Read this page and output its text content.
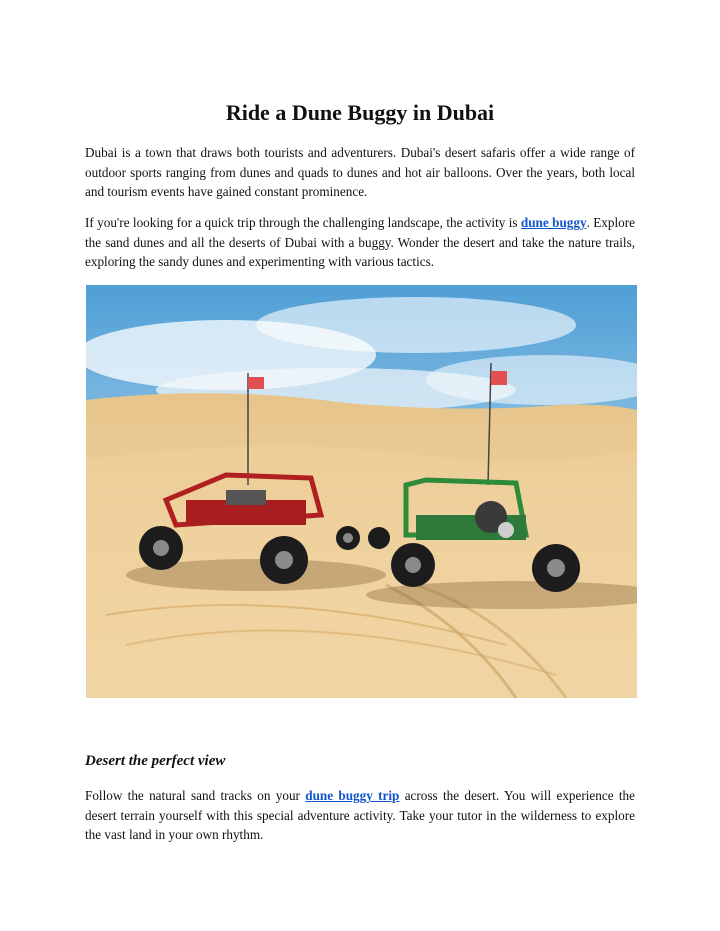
Ride a Dune Buggy in Dubai

Dubai is a town that draws both tourists and adventurers. Dubai's desert safaris offer a wide range of outdoor sports ranging from dunes and quads to dunes and hot air balloons. Over the years, both local and tourism events have gained constant prominence.

If you're looking for a quick trip through the challenging landscape, the activity is dune buggy. Explore the sand dunes and all the deserts of Dubai with a buggy. Wonder the desert and take the nature trails, exploring the sandy dunes and experimenting with various tactics.

Desert the perfect view

Follow the natural sand tracks on your dune buggy trip across the desert. You will experience the desert terrain yourself with this special adventure activity. Take your tutor in the wilderness to explore the vast land in your own rhythm.
